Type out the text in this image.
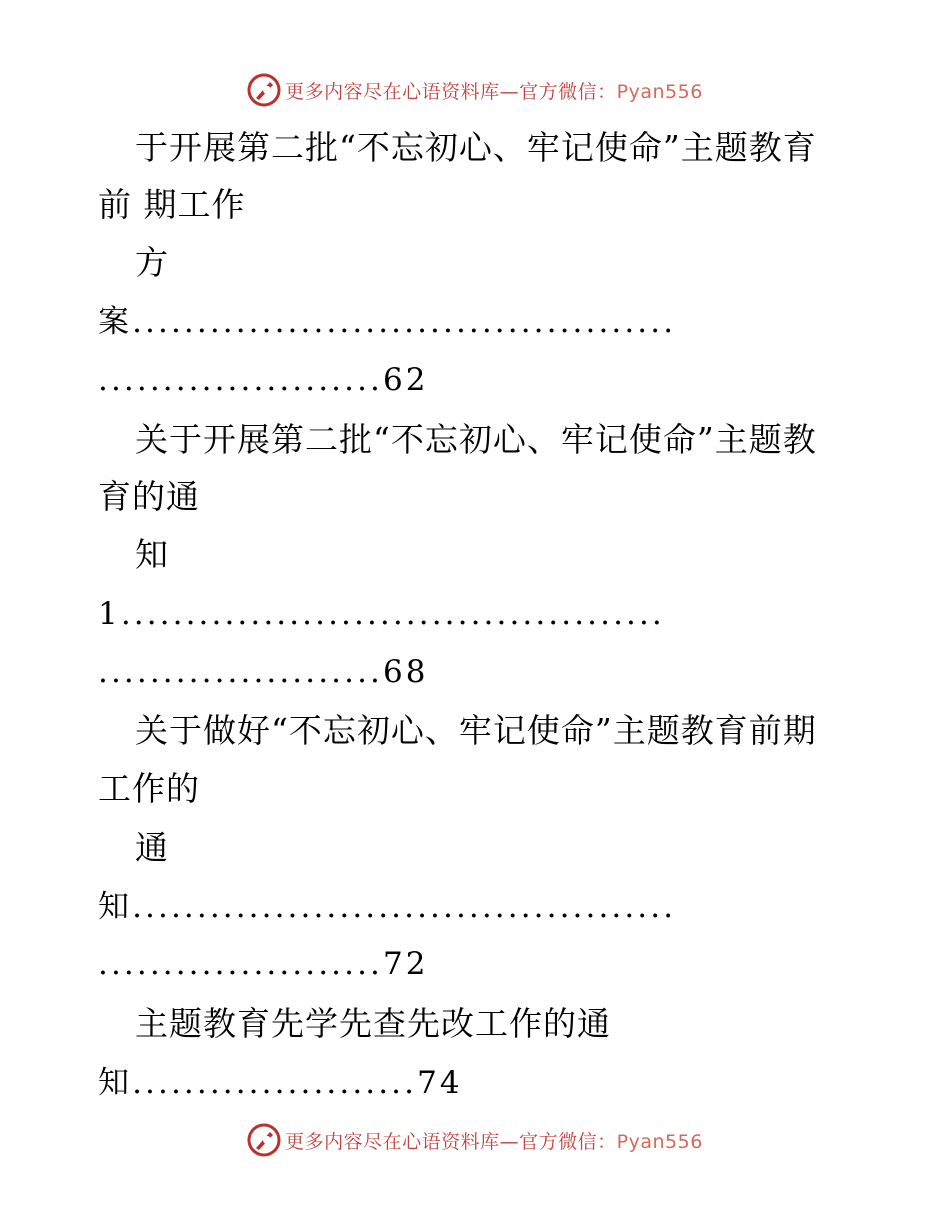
更多内容尽在心语资料库—官方微信：Pyan556
于开展第二批“不忘初心、牢记使命”主题教育
前 期工作
方
案..........................................
......................62
关于开展第二批“不忘初心、牢记使命”主题教
育的通
知
1..........................................
......................68
关于做好“不忘初心、牢记使命”主题教育前期
工作的
通
知..........................................
......................72
主题教育先学先查先改工作的通
知......................74
更多内容尽在心语资料库—官方微信：Pyan556
